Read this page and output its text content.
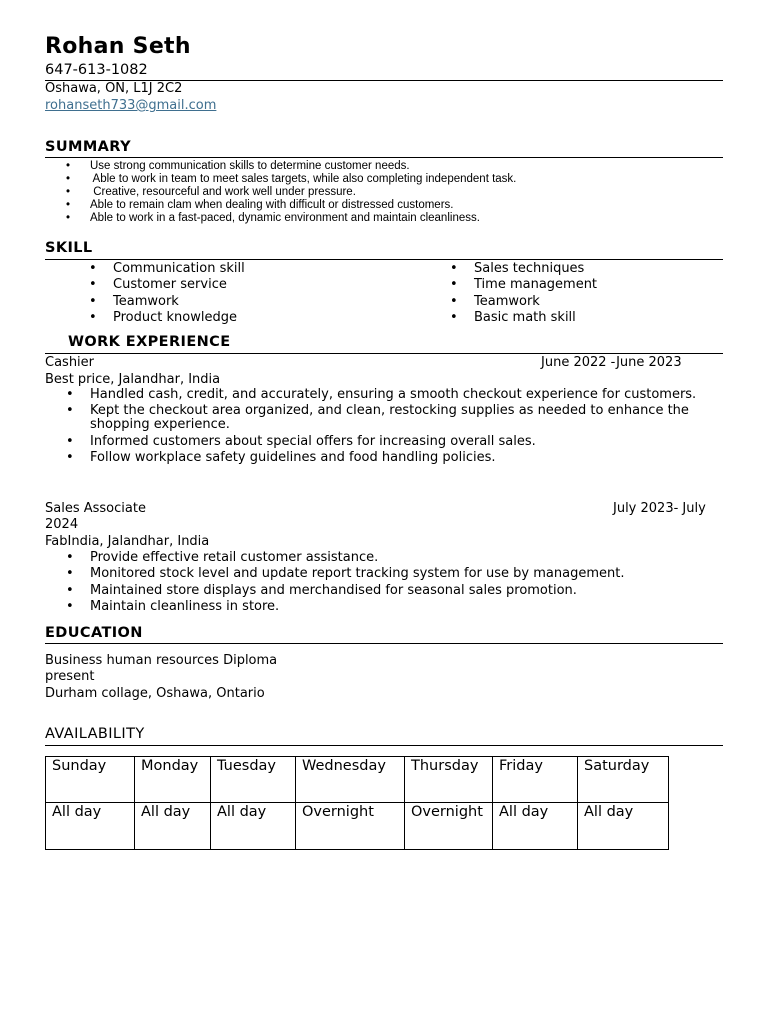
Rohan Seth
647-613-1082
Oshawa, ON, L1J 2C2
rohanseth733@gmail.com
SUMMARY
• Use strong communication skills to determine customer needs.
•  Able to work in team to meet sales targets, while also completing independent task.
•  Creative, resourceful and work well under pressure.
• Able to remain clam when dealing with difficult or distressed customers.
• Able to work in a fast-paced, dynamic environment and maintain cleanliness.
SKILL
• Communication skill
• Customer service
• Teamwork
• Product knowledge
• Sales techniques
• Time management
• Teamwork
• Basic math skill
WORK EXPERIENCE
Cashier	June 2022 -June 2023
Best price, Jalandhar, India
• Handled cash, credit, and accurately, ensuring a smooth checkout experience for customers.
• Kept the checkout area organized, and clean, restocking supplies as needed to enhance the shopping experience.
• Informed customers about special offers for increasing overall sales.
• Follow workplace safety guidelines and food handling policies.
Sales Associate	July 2023- July
2024
FabIndia, Jalandhar, India
• Provide effective retail customer assistance.
• Monitored stock level and update report tracking system for use by management.
• Maintained store displays and merchandised for seasonal sales promotion.
• Maintain cleanliness in store.
EDUCATION
Business human resources Diploma
present
Durham collage, Oshawa, Ontario
AVAILABILITY
Sunday	Monday	Tuesday	Wednesday	Thursday	Friday	Saturday
All day	All day	All day	Overnight	Overnight	All day	All day
